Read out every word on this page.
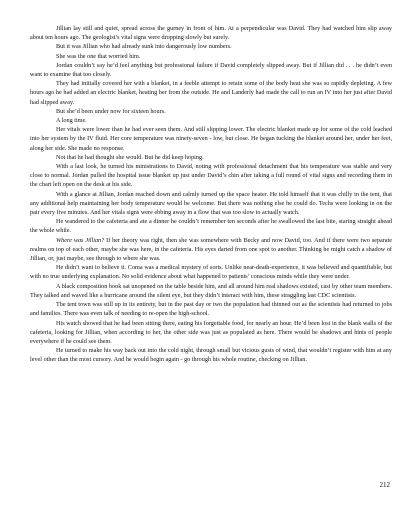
Jillian lay still and quiet, spread across the gurney in front of him. At a perpendicular was David. They had watched him slip away about ten hours ago. The geologist’s vital signs were dropping slowly but surely.

But it was Jillian who had already sunk into dangerously low numbers.

She was the one that worried him.

Jordan couldn’t say he’d feel anything but professional failure if David completely slipped away. But if Jillian did . . . he didn’t even want to examine that too closely.

They had initially covered her with a blanket, in a feeble attempt to retain some of the body heat she was so rapidly depleting. A few hours ago he had added an electric blanket, heating her from the outside. He and Landerly had made the call to run an IV into her just after David had slipped away.

But she’d been under now for sixteen hours.

A long time.

Her vitals were lower than he had ever seen them. And still slipping lower. The electric blanket made up for some of the cold leached into her system by the IV fluid. Her core temperature was ninety-seven - low, but close. He began tucking the blanket around her, under her feet, along her side. She made no response.

Not that he had thought she would. But he did keep hoping.

With a last look, he turned his ministrations to David, noting with professional detachment that his temperature was stable and very close to normal. Jordan pulled the hospital issue blanket up just under David’s chin after taking a full round of vital signs and recording them in the chart left open on the desk at his side.

With a glance at Jillian, Jordan reached down and calmly turned up the space heater. He told himself that it was chilly in the tent, that any additional help maintaining her body temperature would be welcome. But there was nothing else he could do. Techs were looking in on the pair every five minutes. And her vitals signs were ebbing away in a flow that was too slow to actually watch.

He wandered to the cafeteria and ate a dinner he couldn’t remember ten seconds after he swallowed the last bite, staring straight ahead the whole while.

Where was Jillian? If her theory was right, then she was somewhere with Becky and now David, too. And if there were two separate realms on top of each other, maybe she was here, in the cafeteria. His eyes darted from one spot to another. Thinking he might catch a shadow of Jillian, or, just maybe, see through to where she was.

He didn’t want to believe it. Coma was a medical mystery of sorts. Unlike near-death-experience, it was believed and quantifiable, but with no true underlying explanation. No solid evidence about what happened to patients’ conscious minds while they were under.

A black composition book sat unopened on the table beside him, and all around him real shadows existed, cast by other team members. They talked and waved like a hurricane around the silent eye, but they didn’t interact with him, these straggling last CDC scientists.

The tent town was still up in its entirety, but in the past day or two the population had thinned out as the scientists had returned to jobs and families. There was even talk of needing to re-open the high-school.

His watch showed that he had been sitting there, eating his forgettable food, for nearly an hour. He’d been lost in the blank walls of the cafeteria, looking for Jillian, when according to her, the other side was just as populated as here. There would be shadows and hints of people everywhere if he could see them.

He turned to make his way back out into the cold night, through small but vicious gusts of wind, that wouldn’t register with him at any level other than the most cursory. And he would begin again - go through his whole routine, checking on Jillian.

212
